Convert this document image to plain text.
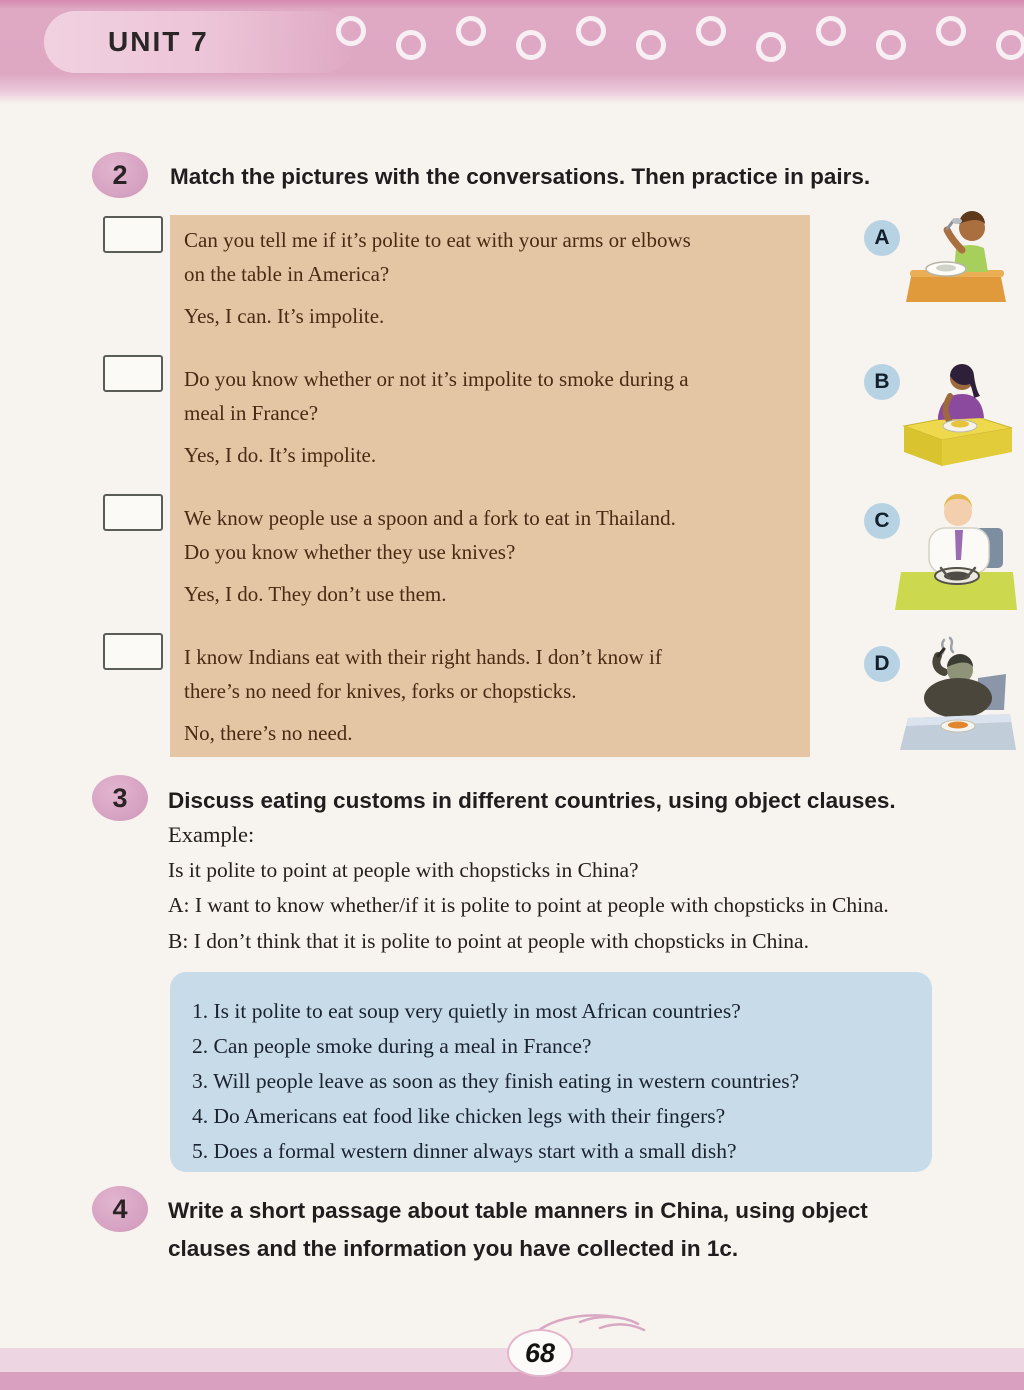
UNIT 7
2 Match the pictures with the conversations. Then practice in pairs.
Can you tell me if it’s polite to eat with your arms or elbows
on the table in America?
Yes, I can. It’s impolite.
Do you know whether or not it’s impolite to smoke during a
meal in France?
Yes, I do. It’s impolite.
We know people use a spoon and a fork to eat in Thailand.
Do you know whether they use knives?
Yes, I do. They don’t use them.
I know Indians eat with their right hands. I don’t know if
there’s no need for knives, forks or chopsticks.
No, there’s no need.
A
B
C
D
3 Discuss eating customs in different countries, using object clauses.
Example:
Is it polite to point at people with chopsticks in China?
A: I want to know whether/if it is polite to point at people with chopsticks in China.
B: I don’t think that it is polite to point at people with chopsticks in China.
1. Is it polite to eat soup very quietly in most African countries?
2. Can people smoke during a meal in France?
3. Will people leave as soon as they finish eating in western countries?
4. Do Americans eat food like chicken legs with their fingers?
5. Does a formal western dinner always start with a small dish?
4 Write a short passage about table manners in China, using object
clauses and the information you have collected in 1c.
68
